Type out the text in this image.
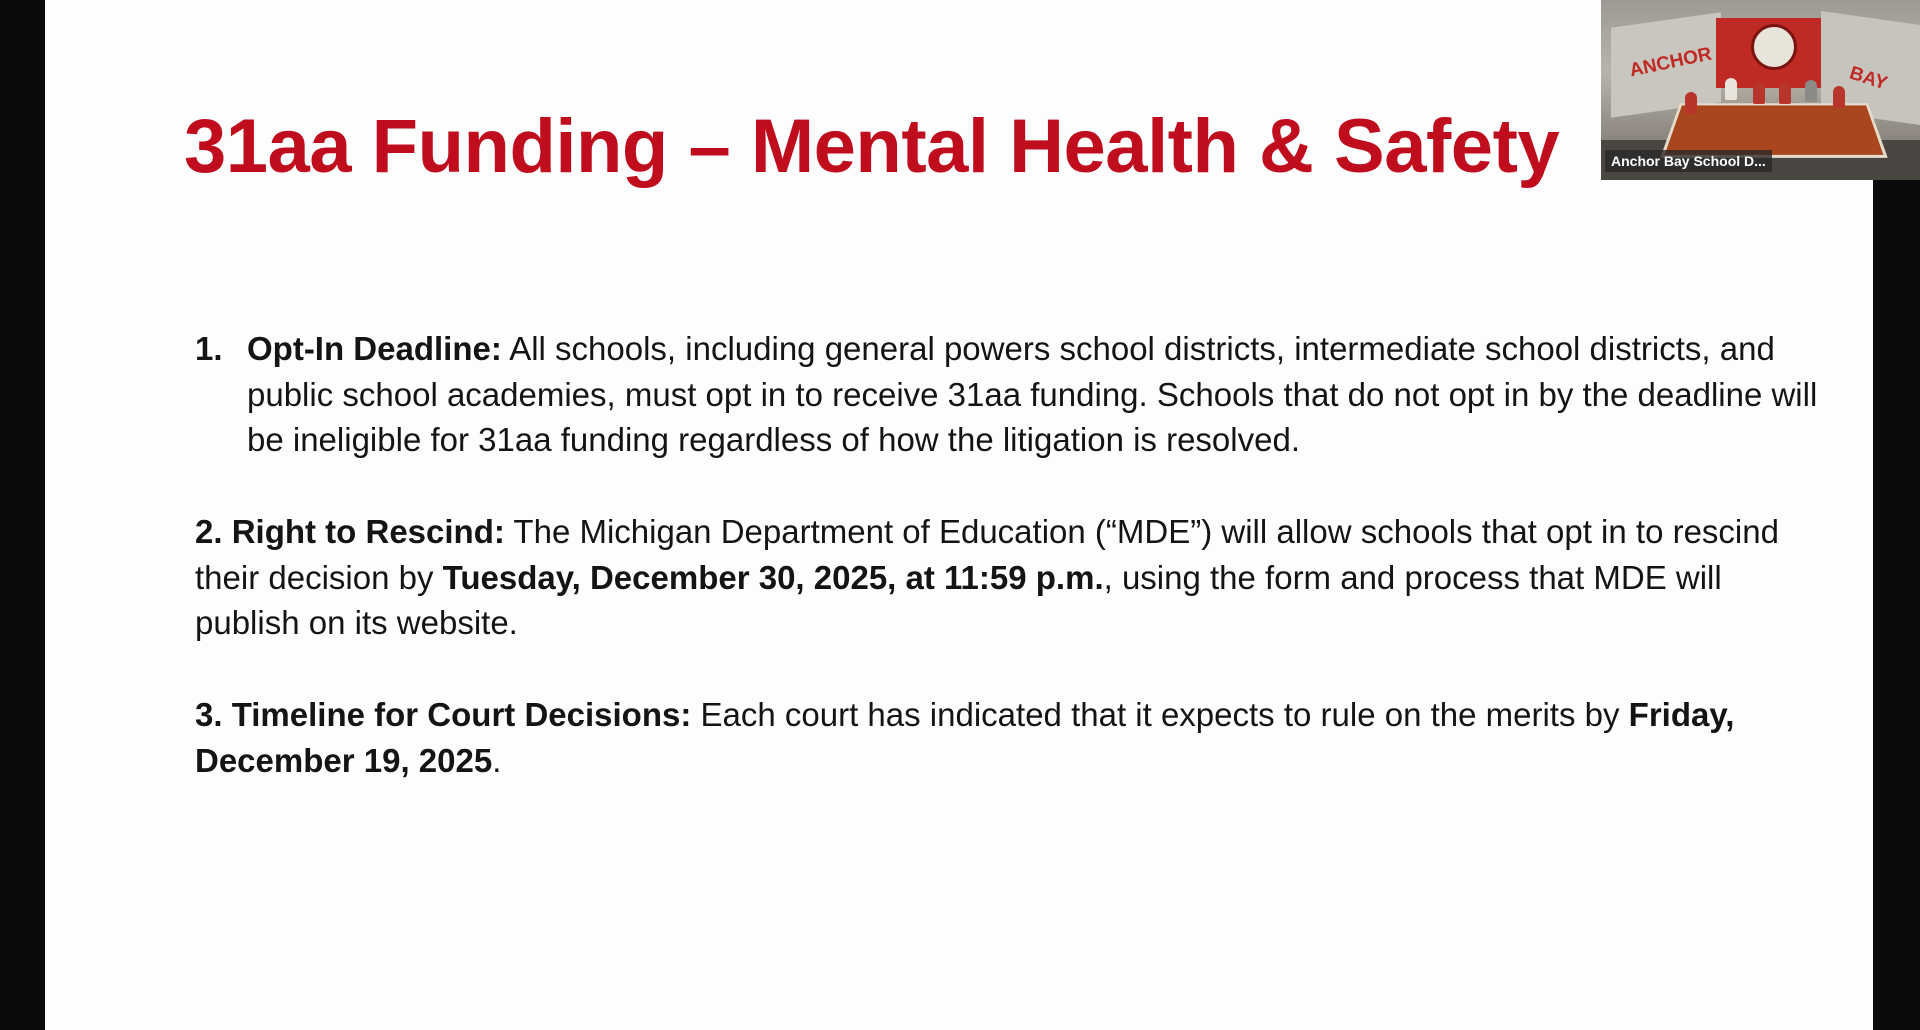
31aa Funding – Mental Health & Safety

1. Opt-In Deadline: All schools, including general powers school districts, intermediate school districts, and public school academies, must opt in to receive 31aa funding. Schools that do not opt in by the deadline will be ineligible for 31aa funding regardless of how the litigation is resolved.

2. Right to Rescind: The Michigan Department of Education (“MDE”) will allow schools that opt in to rescind their decision by Tuesday, December 30, 2025, at 11:59 p.m., using the form and process that MDE will publish on its website.

3. Timeline for Court Decisions: Each court has indicated that it expects to rule on the merits by Friday, December 19, 2025.

ANCHOR	BAY
Anchor Bay School D...
